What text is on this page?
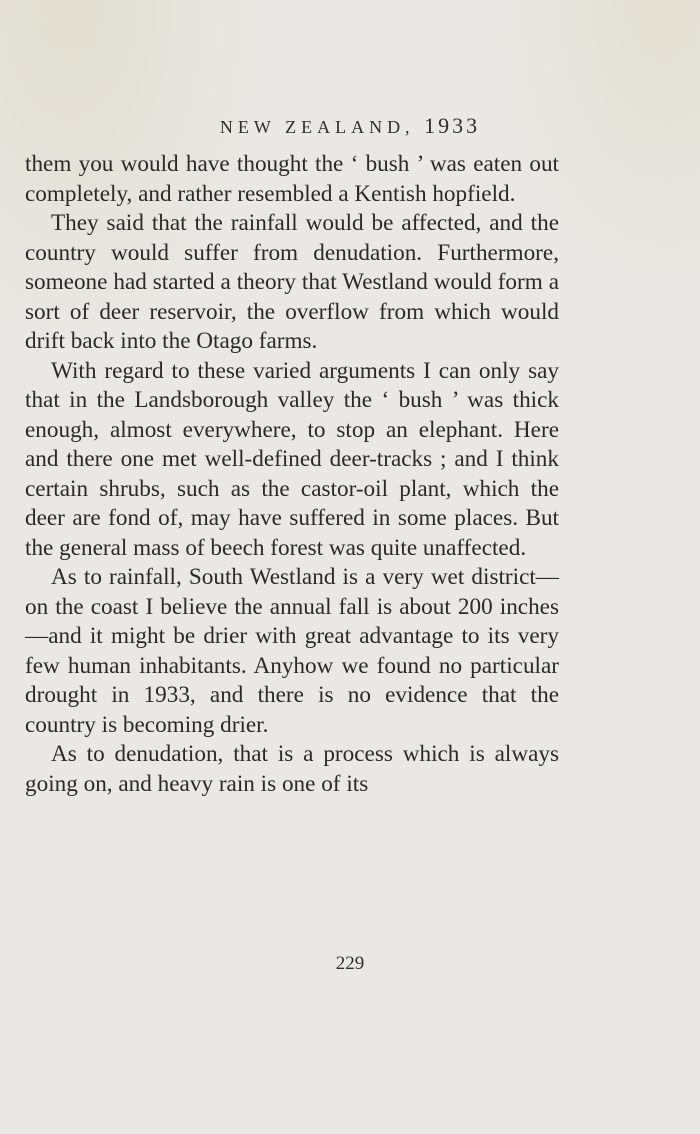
NEW ZEALAND, 1933

them you would have thought the ‘ bush ’ was eaten out completely, and rather resembled a Kentish hopfield.

They said that the rainfall would be affected, and the country would suffer from denudation. Furthermore, someone had started a theory that Westland would form a sort of deer reservoir, the overflow from which would drift back into the Otago farms.

With regard to these varied arguments I can only say that in the Landsborough valley the ‘ bush ’ was thick enough, almost everywhere, to stop an elephant. Here and there one met well-defined deer-tracks ; and I think certain shrubs, such as the castor-oil plant, which the deer are fond of, may have suffered in some places. But the general mass of beech forest was quite unaffected.

As to rainfall, South Westland is a very wet district—on the coast I believe the annual fall is about 200 inches—and it might be drier with great advantage to its very few human inhabitants. Anyhow we found no particular drought in 1933, and there is no evidence that the country is becoming drier.

As to denudation, that is a process which is always going on, and heavy rain is one of its

229
